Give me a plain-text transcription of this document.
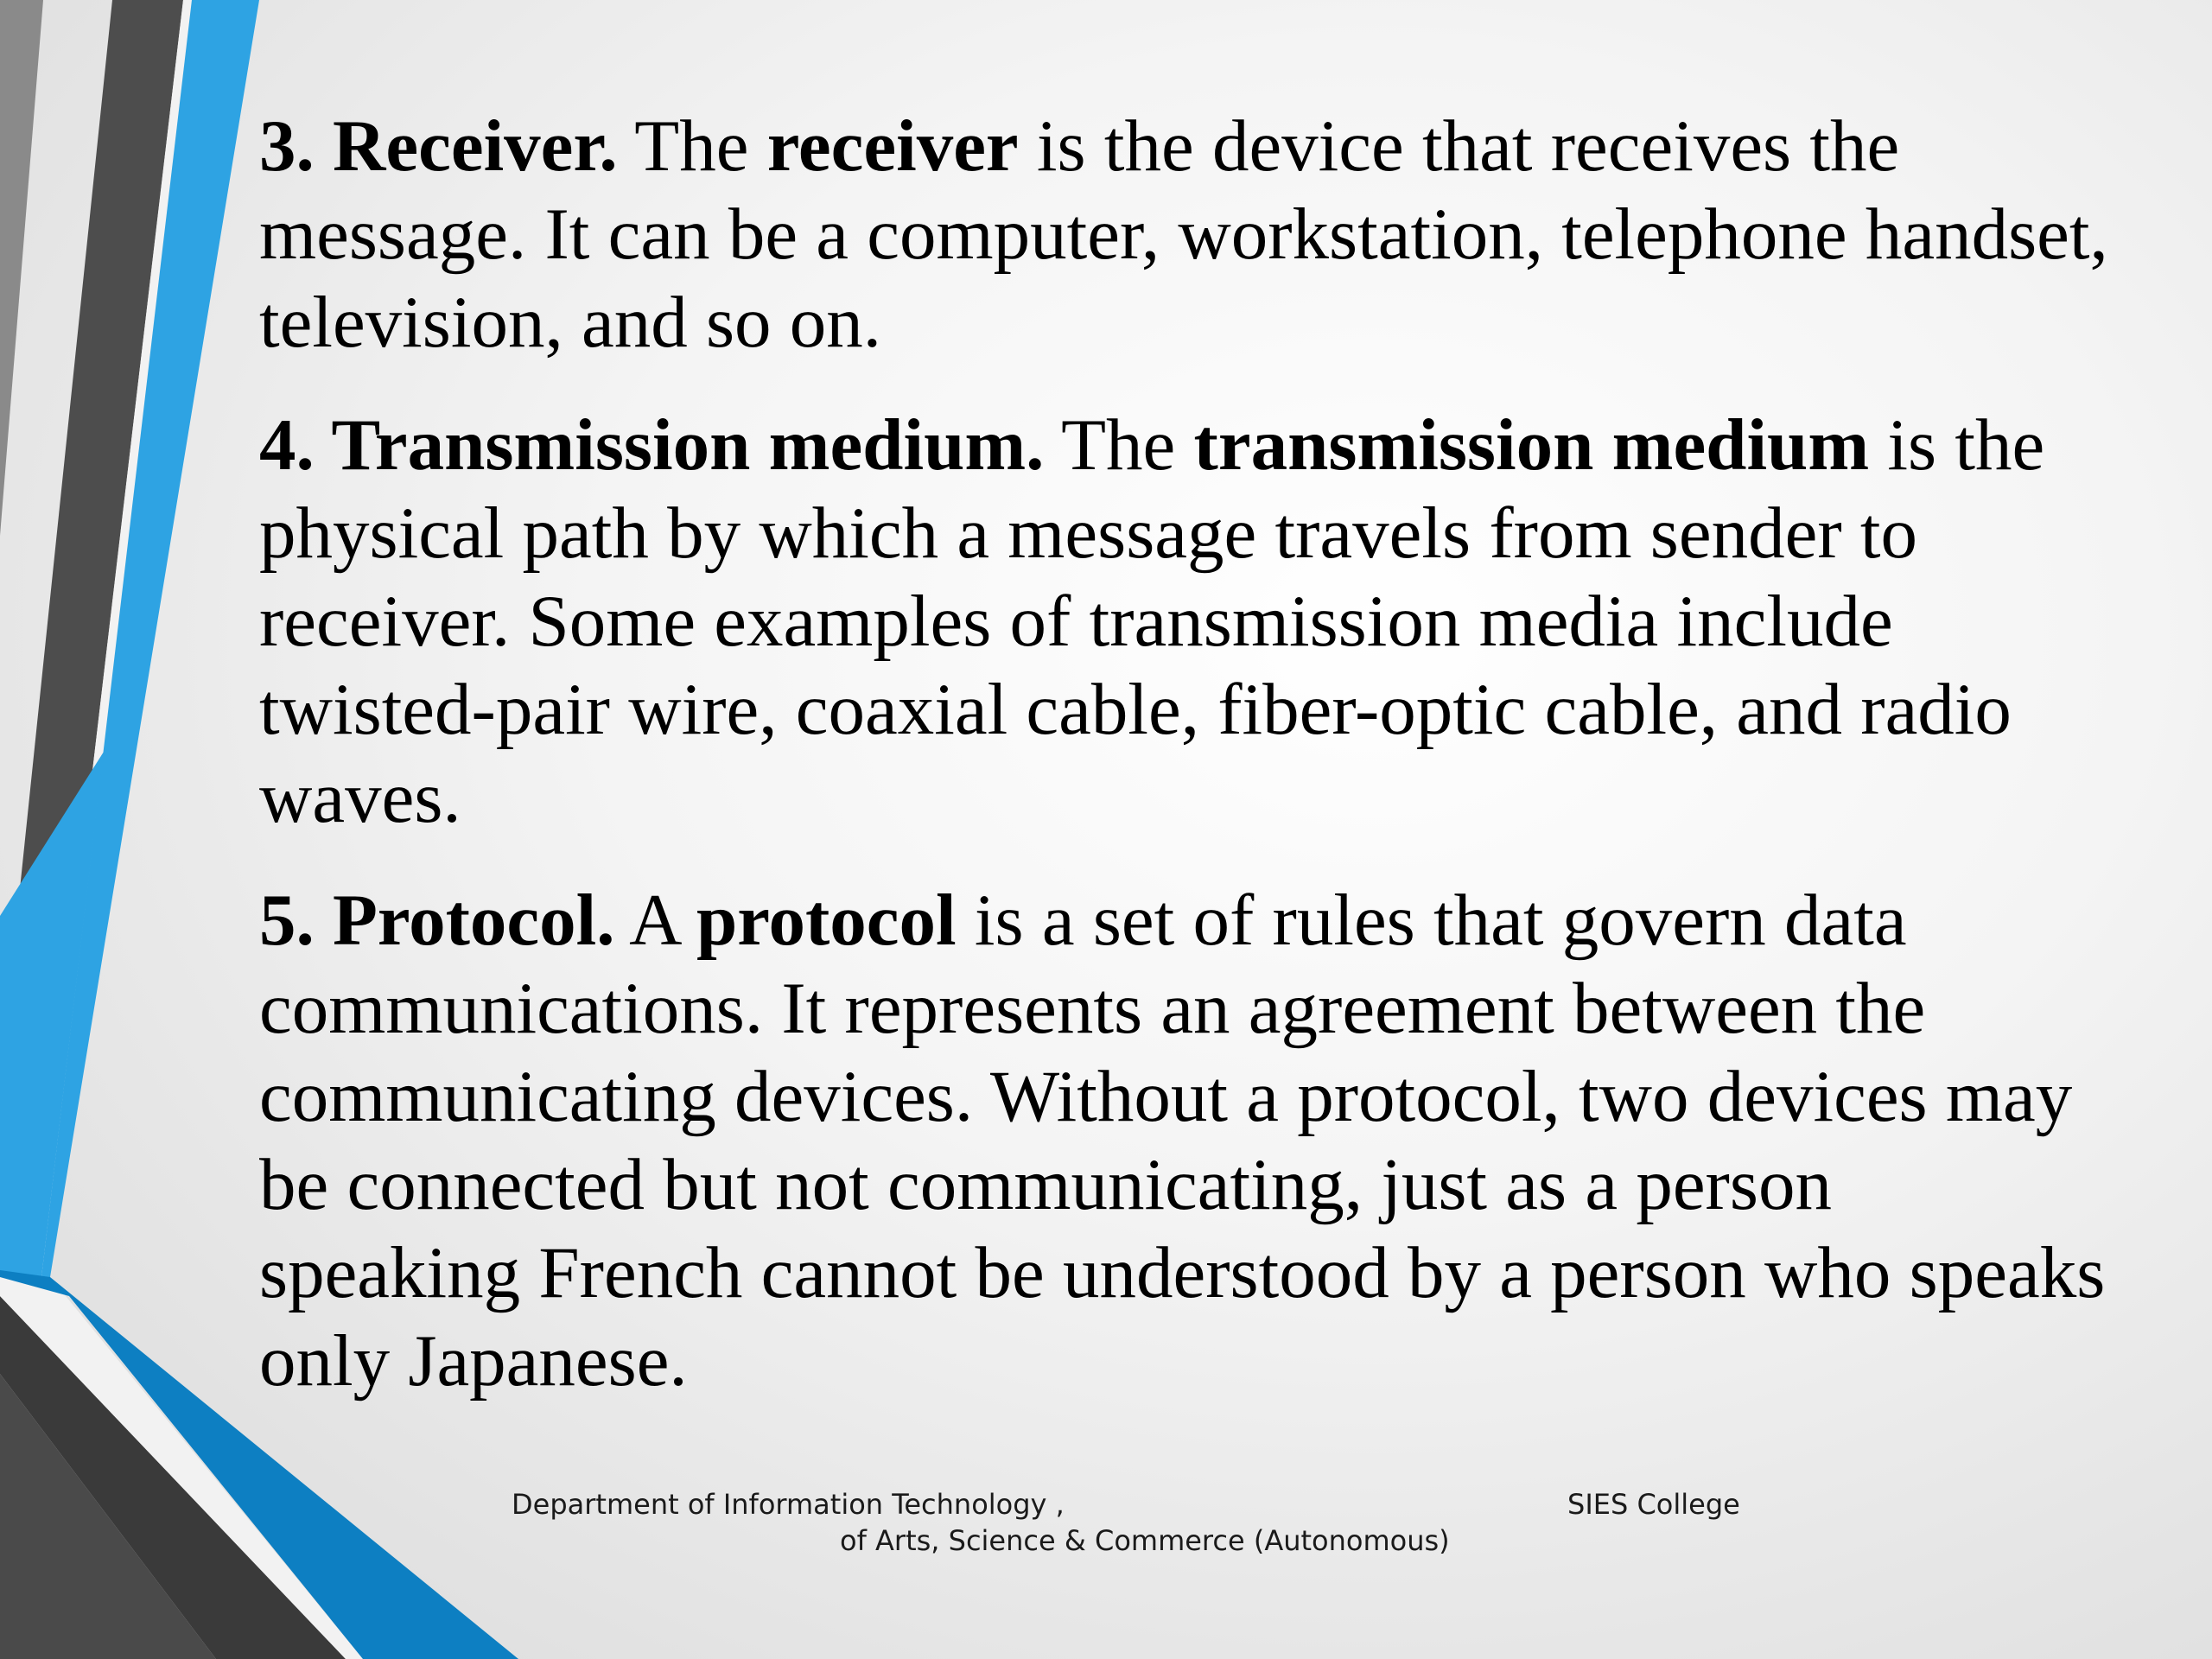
3. Receiver. The receiver is the device that receives the message. It can be a computer, workstation, telephone handset, television, and so on.

4. Transmission medium. The transmission medium is the physical path by which a message travels from sender to receiver. Some examples of transmission media include twisted-pair wire, coaxial cable, fiber-optic cable, and radio waves.

5. Protocol. A protocol is a set of rules that govern data communications. It represents an agreement between the communicating devices. Without a protocol, two devices may be connected but not communicating, just as a person speaking French cannot be understood by a person who speaks only Japanese.

Department of Information Technology ,	SIES College
of Arts, Science & Commerce (Autonomous)
